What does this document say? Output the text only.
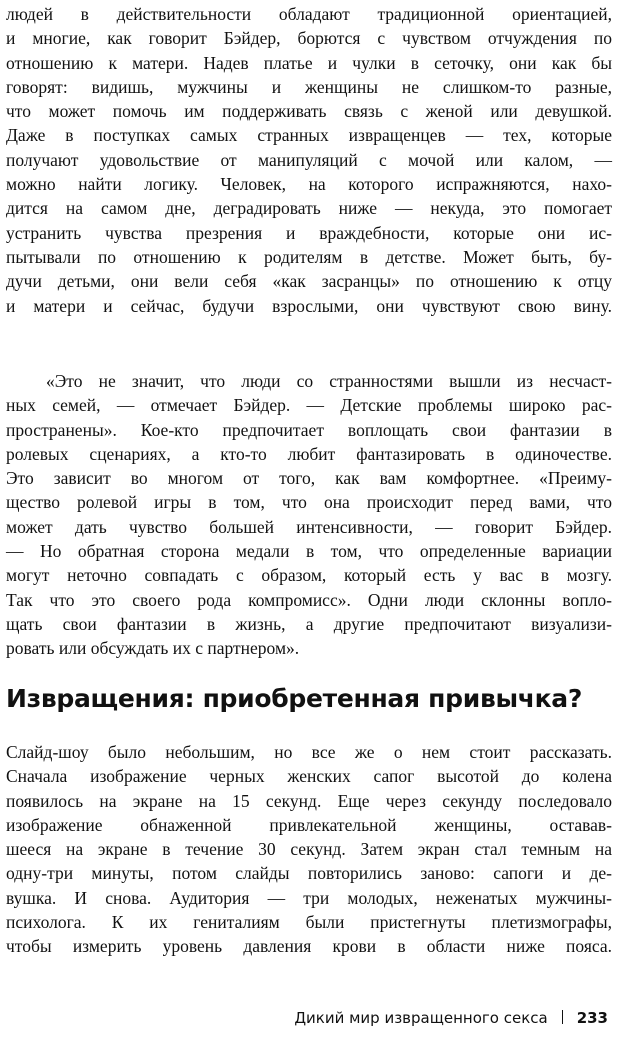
людей в действительности обладают традиционной ориентацией,
и многие, как говорит Бэйдер, борются с чувством отчуждения по
отношению к матери. Надев платье и чулки в сеточку, они как бы
говорят: видишь, мужчины и женщины не слишком-то разные,
что может помочь им поддерживать связь с женой или девушкой.
Даже в поступках самых странных извращенцев — тех, которые
получают удовольствие от манипуляций с мочой или калом, —
можно найти логику. Человек, на которого испражняются, нахо-
дится на самом дне, деградировать ниже — некуда, это помогает
устранить чувства презрения и враждебности, которые они ис-
пытывали по отношению к родителям в детстве. Может быть, бу-
дучи детьми, они вели себя «как засранцы» по отношению к отцу
и матери и сейчас, будучи взрослыми, они чувствуют свою вину.
«Это не значит, что люди со странностями вышли из несчаст-
ных семей, — отмечает Бэйдер. — Детские проблемы широко рас-
пространены». Кое-кто предпочитает воплощать свои фантазии в
ролевых сценариях, а кто-то любит фантазировать в одиночестве.
Это зависит во многом от того, как вам комфортнее. «Преиму-
щество ролевой игры в том, что она происходит перед вами, что
может дать чувство большей интенсивности, — говорит Бэйдер.
— Но обратная сторона медали в том, что определенные вариации
могут неточно совпадать с образом, который есть у вас в мозгу.
Так что это своего рода компромисс». Одни люди склонны вопло-
щать свои фантазии в жизнь, а другие предпочитают визуализи-
ровать или обсуждать их с партнером».
Извращения: приобретенная привычка?
Слайд-шоу было небольшим, но все же о нем стоит рассказать.
Сначала изображение черных женских сапог высотой до колена
появилось на экране на 15 секунд. Еще через секунду последовало
изображение обнаженной привлекательной женщины, оставав-
шееся на экране в течение 30 секунд. Затем экран стал темным на
одну-три минуты, потом слайды повторились заново: сапоги и де-
вушка. И снова. Аудитория — три молодых, неженатых мужчины-
психолога. К их гениталиям были пристегнуты плетизмографы,
чтобы измерить уровень давления крови в области ниже пояса.
Дикий мир извращенного секса 233
